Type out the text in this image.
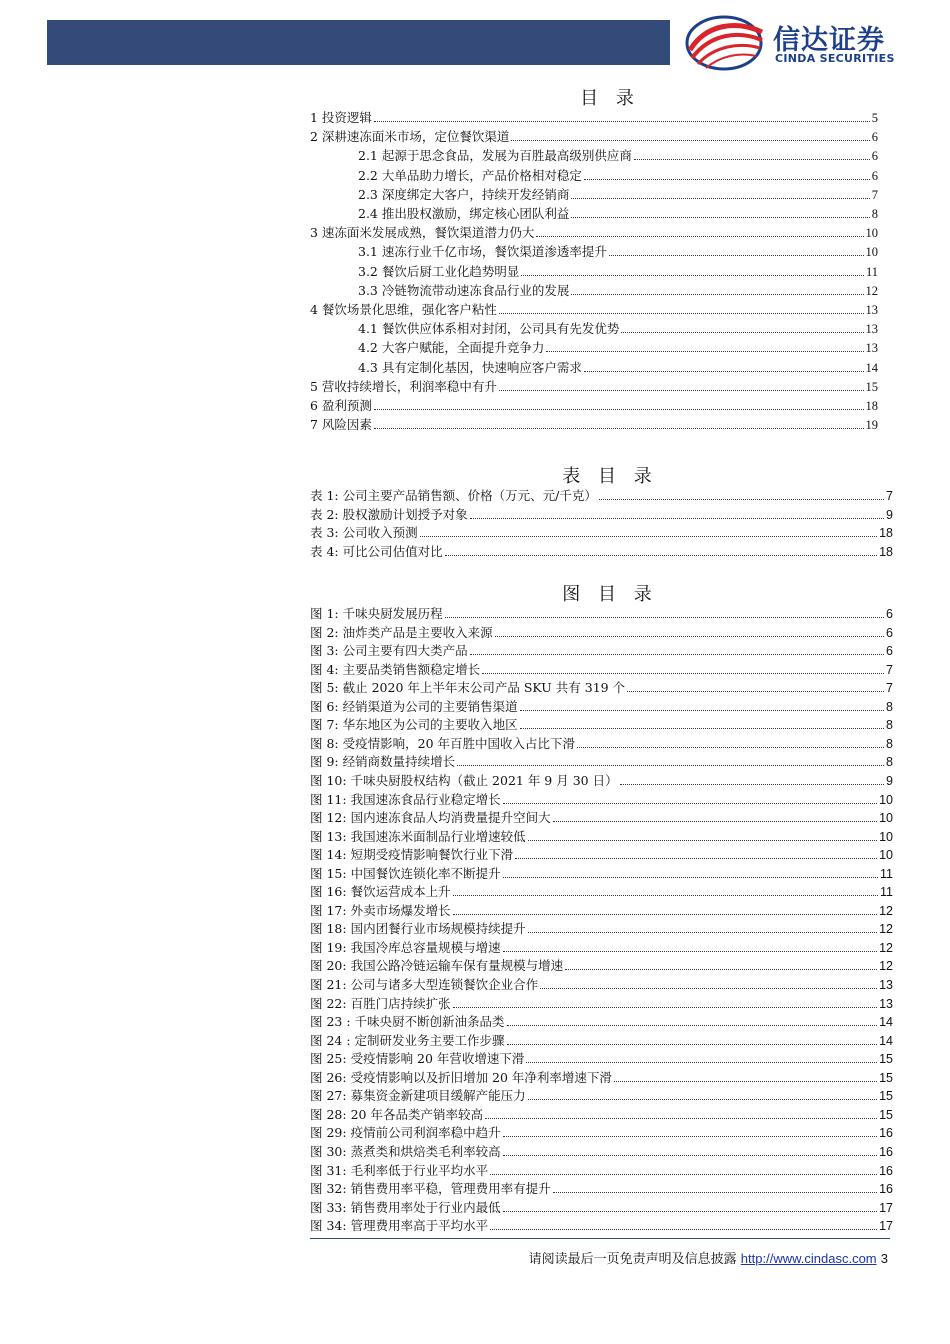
信达证券
CINDA SECURITIES
目 录
1 投资逻辑	5
2 深耕速冻面米市场，定位餐饮渠道	6
2.1 起源于思念食品，发展为百胜最高级别供应商	6
2.2 大单品助力增长，产品价格相对稳定	6
2.3 深度绑定大客户，持续开发经销商	7
2.4 推出股权激励，绑定核心团队利益	8
3 速冻面米发展成熟，餐饮渠道潜力仍大	10
3.1 速冻行业千亿市场，餐饮渠道渗透率提升	10
3.2 餐饮后厨工业化趋势明显	11
3.3 冷链物流带动速冻食品行业的发展	12
4 餐饮场景化思维，强化客户粘性	13
4.1 餐饮供应体系相对封闭，公司具有先发优势	13
4.2 大客户赋能，全面提升竞争力	13
4.3 具有定制化基因，快速响应客户需求	14
5 营收持续增长，利润率稳中有升	15
6 盈利预测	18
7 风险因素	19
表 目 录
表 1: 公司主要产品销售额、价格（万元、元/千克）	7
表 2: 股权激励计划授予对象	9
表 3: 公司收入预测	18
表 4: 可比公司估值对比	18
图 目 录
图 1: 千味央厨发展历程	6
图 2: 油炸类产品是主要收入来源	6
图 3: 公司主要有四大类产品	6
图 4: 主要品类销售额稳定增长	7
图 5: 截止 2020 年上半年末公司产品 SKU 共有 319 个	7
图 6: 经销渠道为公司的主要销售渠道	8
图 7: 华东地区为公司的主要收入地区	8
图 8: 受疫情影响，20 年百胜中国收入占比下滑	8
图 9: 经销商数量持续增长	8
图 10: 千味央厨股权结构（截止 2021 年 9 月 30 日）	9
图 11: 我国速冻食品行业稳定增长	10
图 12: 国内速冻食品人均消费量提升空间大	10
图 13: 我国速冻米面制品行业增速较低	10
图 14: 短期受疫情影响餐饮行业下滑	10
图 15: 中国餐饮连锁化率不断提升	11
图 16: 餐饮运营成本上升	11
图 17: 外卖市场爆发增长	12
图 18: 国内团餐行业市场规模持续提升	12
图 19: 我国冷库总容量规模与增速	12
图 20: 我国公路冷链运输车保有量规模与增速	12
图 21: 公司与诸多大型连锁餐饮企业合作	13
图 22: 百胜门店持续扩张	13
图 23 : 千味央厨不断创新油条品类	14
图 24 : 定制研发业务主要工作步骤	14
图 25: 受疫情影响 20 年营收增速下滑	15
图 26: 受疫情影响以及折旧增加 20 年净利率增速下滑	15
图 27: 募集资金新建项目缓解产能压力	15
图 28: 20 年各品类产销率较高	15
图 29: 疫情前公司利润率稳中趋升	16
图 30: 蒸煮类和烘焙类毛利率较高	16
图 31: 毛利率低于行业平均水平	16
图 32: 销售费用率平稳，管理费用率有提升	16
图 33: 销售费用率处于行业内最低	17
图 34: 管理费用率高于平均水平	17
请阅读最后一页免责声明及信息披露 http://www.cindasc.com 3
